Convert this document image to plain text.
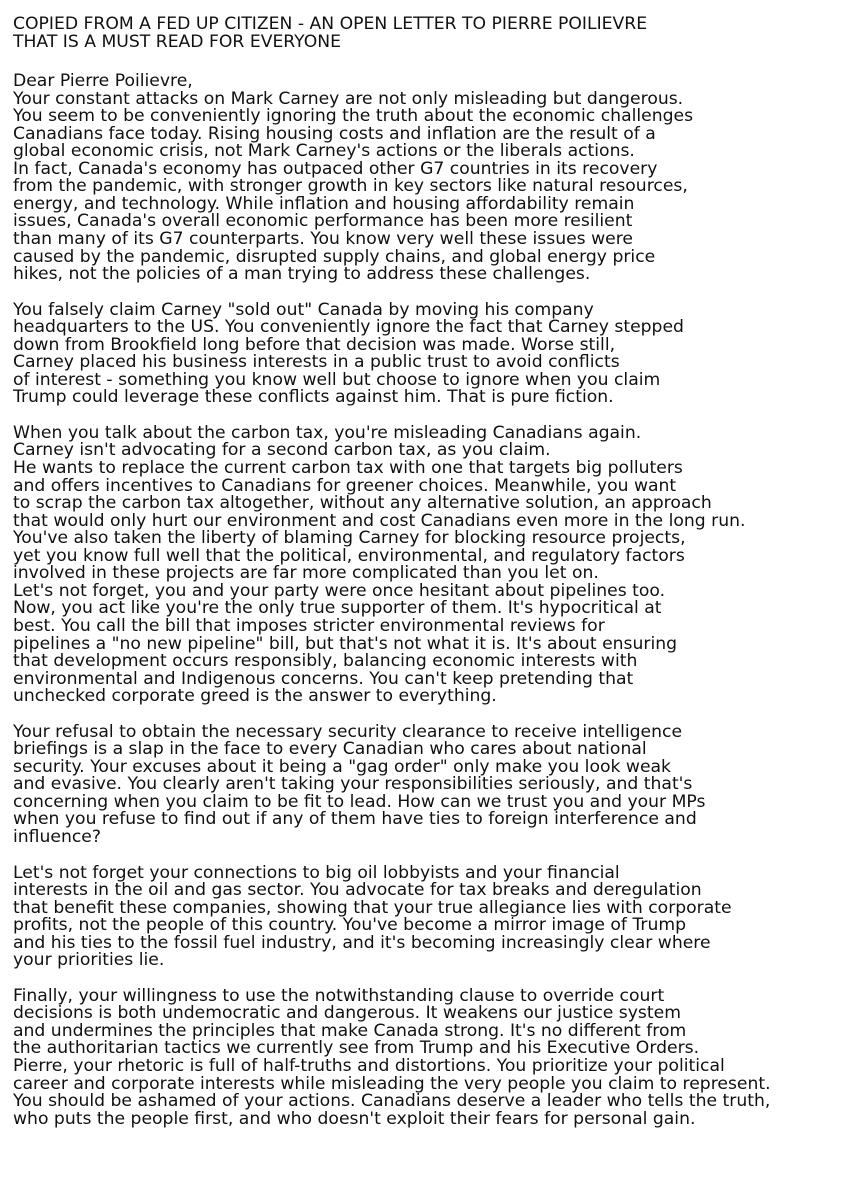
COPIED FROM A FED UP CITIZEN - AN OPEN LETTER TO PIERRE POILIEVRE
THAT IS A MUST READ FOR EVERYONE
Dear Pierre Poilievre,
Your constant attacks on Mark Carney are not only misleading but dangerous.
You seem to be conveniently ignoring the truth about the economic challenges
Canadians face today. Rising housing costs and inflation are the result of a
global economic crisis, not Mark Carney's actions or the liberals actions.
In fact, Canada's economy has outpaced other G7 countries in its recovery
from the pandemic, with stronger growth in key sectors like natural resources,
energy, and technology. While inflation and housing affordability remain
issues, Canada's overall economic performance has been more resilient
than many of its G7 counterparts. You know very well these issues were
caused by the pandemic, disrupted supply chains, and global energy price
hikes, not the policies of a man trying to address these challenges.
You falsely claim Carney "sold out" Canada by moving his company
headquarters to the US. You conveniently ignore the fact that Carney stepped
down from Brookfield long before that decision was made. Worse still,
Carney placed his business interests in a public trust to avoid conflicts
of interest - something you know well but choose to ignore when you claim
Trump could leverage these conflicts against him. That is pure fiction.
When you talk about the carbon tax, you're misleading Canadians again.
Carney isn't advocating for a second carbon tax, as you claim.
He wants to replace the current carbon tax with one that targets big polluters
and offers incentives to Canadians for greener choices. Meanwhile, you want
to scrap the carbon tax altogether, without any alternative solution, an approach
that would only hurt our environment and cost Canadians even more in the long run.
You've also taken the liberty of blaming Carney for blocking resource projects,
yet you know full well that the political, environmental, and regulatory factors
involved in these projects are far more complicated than you let on.
Let's not forget, you and your party were once hesitant about pipelines too.
Now, you act like you're the only true supporter of them. It's hypocritical at
best. You call the bill that imposes stricter environmental reviews for
pipelines a "no new pipeline" bill, but that's not what it is. It's about ensuring
that development occurs responsibly, balancing economic interests with
environmental and Indigenous concerns. You can't keep pretending that
unchecked corporate greed is the answer to everything.
Your refusal to obtain the necessary security clearance to receive intelligence
briefings is a slap in the face to every Canadian who cares about national
security. Your excuses about it being a "gag order" only make you look weak
and evasive. You clearly aren't taking your responsibilities seriously, and that's
concerning when you claim to be fit to lead. How can we trust you and your MPs
when you refuse to find out if any of them have ties to foreign interference and
influence?
Let's not forget your connections to big oil lobbyists and your financial
interests in the oil and gas sector. You advocate for tax breaks and deregulation
that benefit these companies, showing that your true allegiance lies with corporate
profits, not the people of this country. You've become a mirror image of Trump
and his ties to the fossil fuel industry, and it's becoming increasingly clear where
your priorities lie.
Finally, your willingness to use the notwithstanding clause to override court
decisions is both undemocratic and dangerous. It weakens our justice system
and undermines the principles that make Canada strong. It's no different from
the authoritarian tactics we currently see from Trump and his Executive Orders.
Pierre, your rhetoric is full of half-truths and distortions. You prioritize your political
career and corporate interests while misleading the very people you claim to represent.
You should be ashamed of your actions. Canadians deserve a leader who tells the truth,
who puts the people first, and who doesn't exploit their fears for personal gain.
